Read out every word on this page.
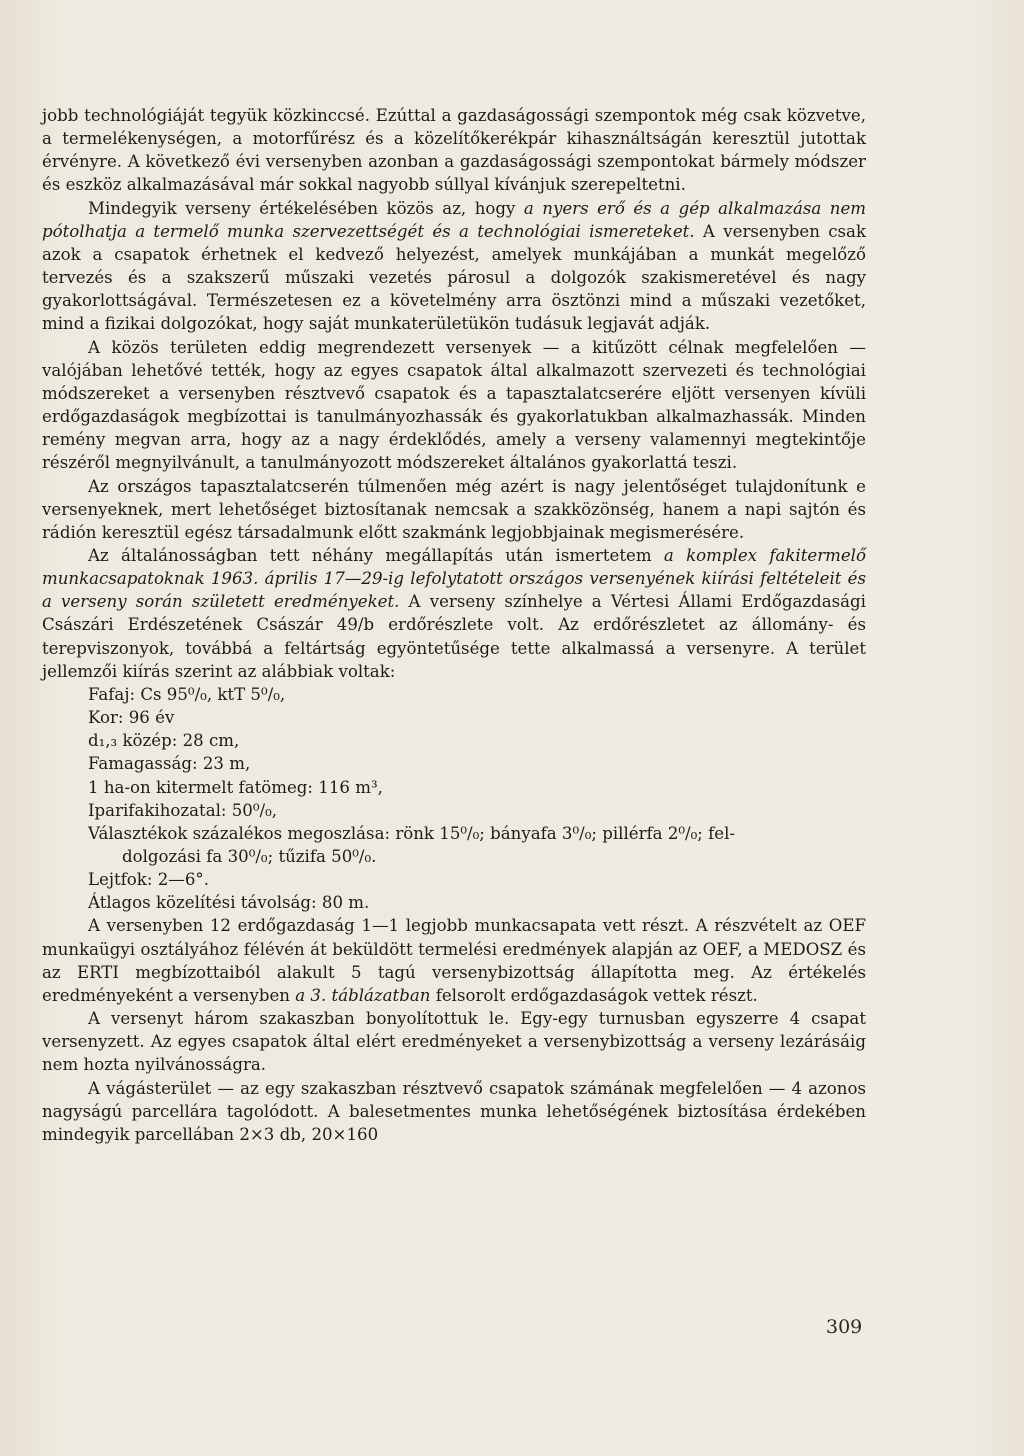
jobb technológiáját tegyük közkinccsé. Ezúttal a gazdaságossági szempontok még csak közvetve, a termelékenységen, a motorfűrész és a közelítőkerékpár kihasználtságán keresztül jutottak érvényre. A következő évi versenyben azonban a gazdaságossági szempontokat bármely módszer és eszköz alkalmazásával már sokkal nagyobb súllyal kívánjuk szerepeltetni.

Mindegyik verseny értékelésében közös az, hogy a nyers erő és a gép alkalmazása nem pótolhatja a termelő munka szervezettségét és a technológiai ismereteket. A versenyben csak azok a csapatok érhetnek el kedvező helyezést, amelyek munkájában a munkát megelőző tervezés és a szakszerű műszaki vezetés párosul a dolgozók szakismeretével és nagy gyakorlottságával. Természetesen ez a követelmény arra ösztönzi mind a műszaki vezetőket, mind a fizikai dolgozókat, hogy saját munkaterületükön tudásuk legjavát adják.

A közös területen eddig megrendezett versenyek — a kitűzött célnak megfelelően — valójában lehetővé tették, hogy az egyes csapatok által alkalmazott szervezeti és technológiai módszereket a versenyben résztvevő csapatok és a tapasztalatcserére eljött versenyen kívüli erdőgazdaságok megbízottai is tanulmányozhassák és gyakorlatukban alkalmazhassák. Minden remény megvan arra, hogy az a nagy érdeklődés, amely a verseny valamennyi megtekintője részéről megnyilvánult, a tanulmányozott módszereket általános gyakorlattá teszi.

Az országos tapasztalatcserén túlmenően még azért is nagy jelentőséget tulajdonítunk e versenyeknek, mert lehetőséget biztosítanak nemcsak a szakközönség, hanem a napi sajtón és rádión keresztül egész társadalmunk előtt szakmánk legjobbjainak megismerésére.

Az általánosságban tett néhány megállapítás után ismertetem a komplex fakitermelő munkacsapatoknak 1963. április 17—29-ig lefolytatott országos versenyének kiírási feltételeit és a verseny során született eredményeket. A verseny színhelye a Vértesi Állami Erdőgazdasági Császári Erdészetének Császár 49/b erdőrészlete volt. Az erdőrészletet az állomány- és terepviszonyok, továbbá a feltártság egyöntetűsége tette alkalmassá a versenyre. A terület jellemzői kiírás szerint az alábbiak voltak:

Fafaj: Cs 95⁰/₀, ktT 5⁰/₀,
Kor: 96 év
d₁,₃ közép: 28 cm,
Famagasság: 23 m,
1 ha-on kitermelt fatömeg: 116 m³,
Iparifakihozatal: 50⁰/₀,
Választékok százalékos megoszlása: rönk 15⁰/₀; bányafa 3⁰/₀; pillérfa 2⁰/₀; fel-
dolgozási fa 30⁰/₀; tűzifa 50⁰/₀.
Lejtfok: 2—6°.
Átlagos közelítési távolság: 80 m.

A versenyben 12 erdőgazdaság 1—1 legjobb munkacsapata vett részt. A részvételt az OEF munkaügyi osztályához félévén át beküldött termelési eredmények alapján az OEF, a MEDOSZ és az ERTI megbízottaiból alakult 5 tagú versenybizottság állapította meg. Az értékelés eredményeként a versenyben a 3. táblázatban felsorolt erdőgazdaságok vettek részt.

A versenyt három szakaszban bonyolítottuk le. Egy-egy turnusban egyszerre 4 csapat versenyzett. Az egyes csapatok által elért eredményeket a versenybizottság a verseny lezárásáig nem hozta nyilvánosságra.

A vágásterület — az egy szakaszban résztvevő csapatok számának megfelelően — 4 azonos nagyságú parcellára tagolódott. A balesetmentes munka lehetőségének biztosítása érdekében mindegyik parcellában 2×3 db, 20×160

309
